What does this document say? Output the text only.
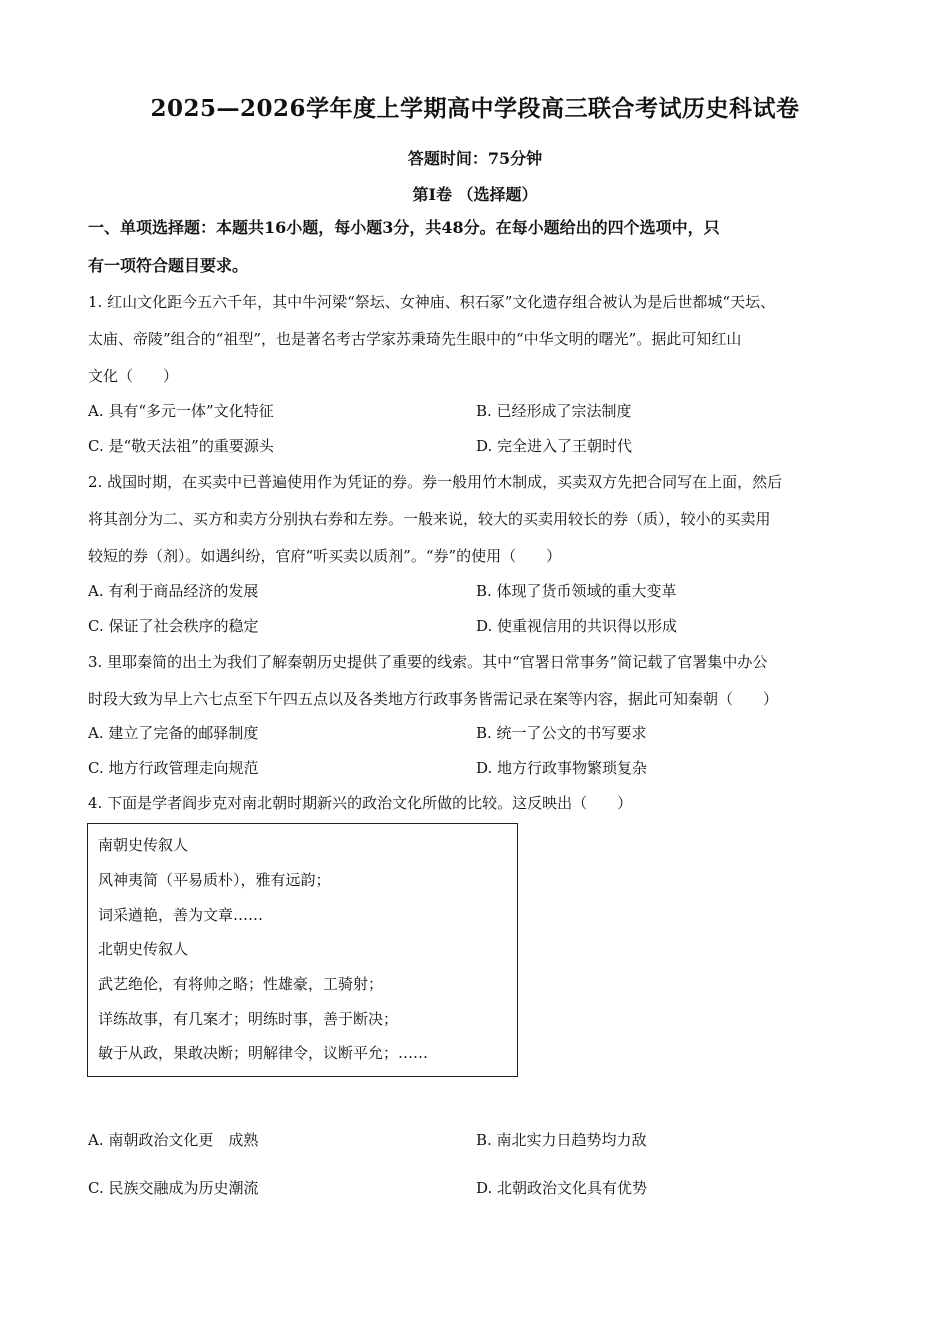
2025—2026学年度上学期高中学段高三联合考试历史科试卷
答题时间：75分钟
第Ⅰ卷 （选择题）
一、单项选择题：本题共16小题，每小题3分，共48分。在每小题给出的四个选项中，只
有一项符合题目要求。
1. 红山文化距今五六千年，其中牛河梁“祭坛、女神庙、积石冢”文化遗存组合被认为是后世都城“天坛、
太庙、帝陵”组合的“祖型”，也是著名考古学家苏秉琦先生眼中的“中华文明的曙光”。据此可知红山
文化（　　）
A. 具有“多元一体”文化特征	B. 已经形成了宗法制度
C. 是“敬天法祖”的重要源头	D. 完全进入了王朝时代
2. 战国时期，在买卖中已普遍使用作为凭证的券。券一般用竹木制成，买卖双方先把合同写在上面，然后
将其剖分为二、买方和卖方分别执右券和左券。一般来说，较大的买卖用较长的券（质），较小的买卖用
较短的券（剂）。如遇纠纷，官府“听买卖以质剂”。“券”的使用（　　）
A. 有利于商品经济的发展	B. 体现了货币领域的重大变革
C. 保证了社会秩序的稳定	D. 使重视信用的共识得以形成
3. 里耶秦简的出土为我们了解秦朝历史提供了重要的线索。其中“官署日常事务”简记载了官署集中办公
时段大致为早上六七点至下午四五点以及各类地方行政事务皆需记录在案等内容，据此可知秦朝（　　）
A. 建立了完备的邮驿制度	B. 统一了公文的书写要求
C. 地方行政管理走向规范	D. 地方行政事物繁琐复杂
4. 下面是学者阎步克对南北朝时期新兴的政治文化所做的比较。这反映出（　　）
南朝史传叙人
风神夷简（平易质朴），雅有远韵；
词采遒艳，善为文章……
北朝史传叙人
武艺绝伦，有将帅之略；性雄豪，工骑射；
详练故事，有几案才；明练时事，善于断决；
敏于从政，果敢决断；明解律令，议断平允；……
A. 南朝政治文化更　成熟	B. 南北实力日趋势均力敌
C. 民族交融成为历史潮流	D. 北朝政治文化具有优势
